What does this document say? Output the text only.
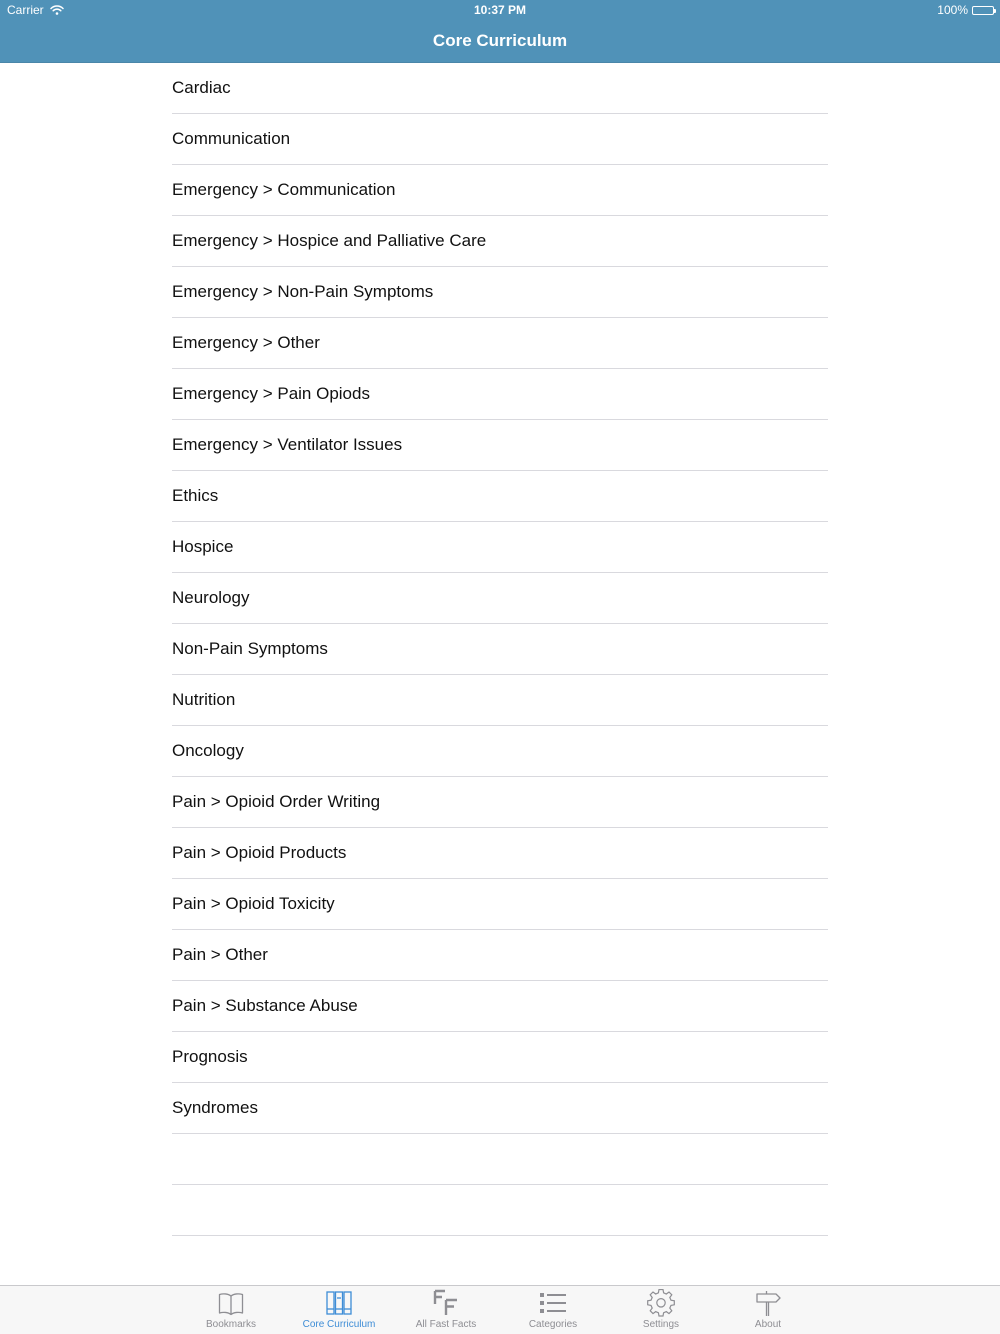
Carrier	10:37 PM	100%
Core Curriculum
Cardiac
Communication
Emergency > Communication
Emergency > Hospice and Palliative Care
Emergency > Non-Pain Symptoms
Emergency > Other
Emergency > Pain Opiods
Emergency > Ventilator Issues
Ethics
Hospice
Neurology
Non-Pain Symptoms
Nutrition
Oncology
Pain > Opioid Order Writing
Pain > Opioid Products
Pain > Opioid Toxicity
Pain > Other
Pain > Substance Abuse
Prognosis
Syndromes
Bookmarks	Core Curriculum	All Fast Facts	Categories	Settings	About
